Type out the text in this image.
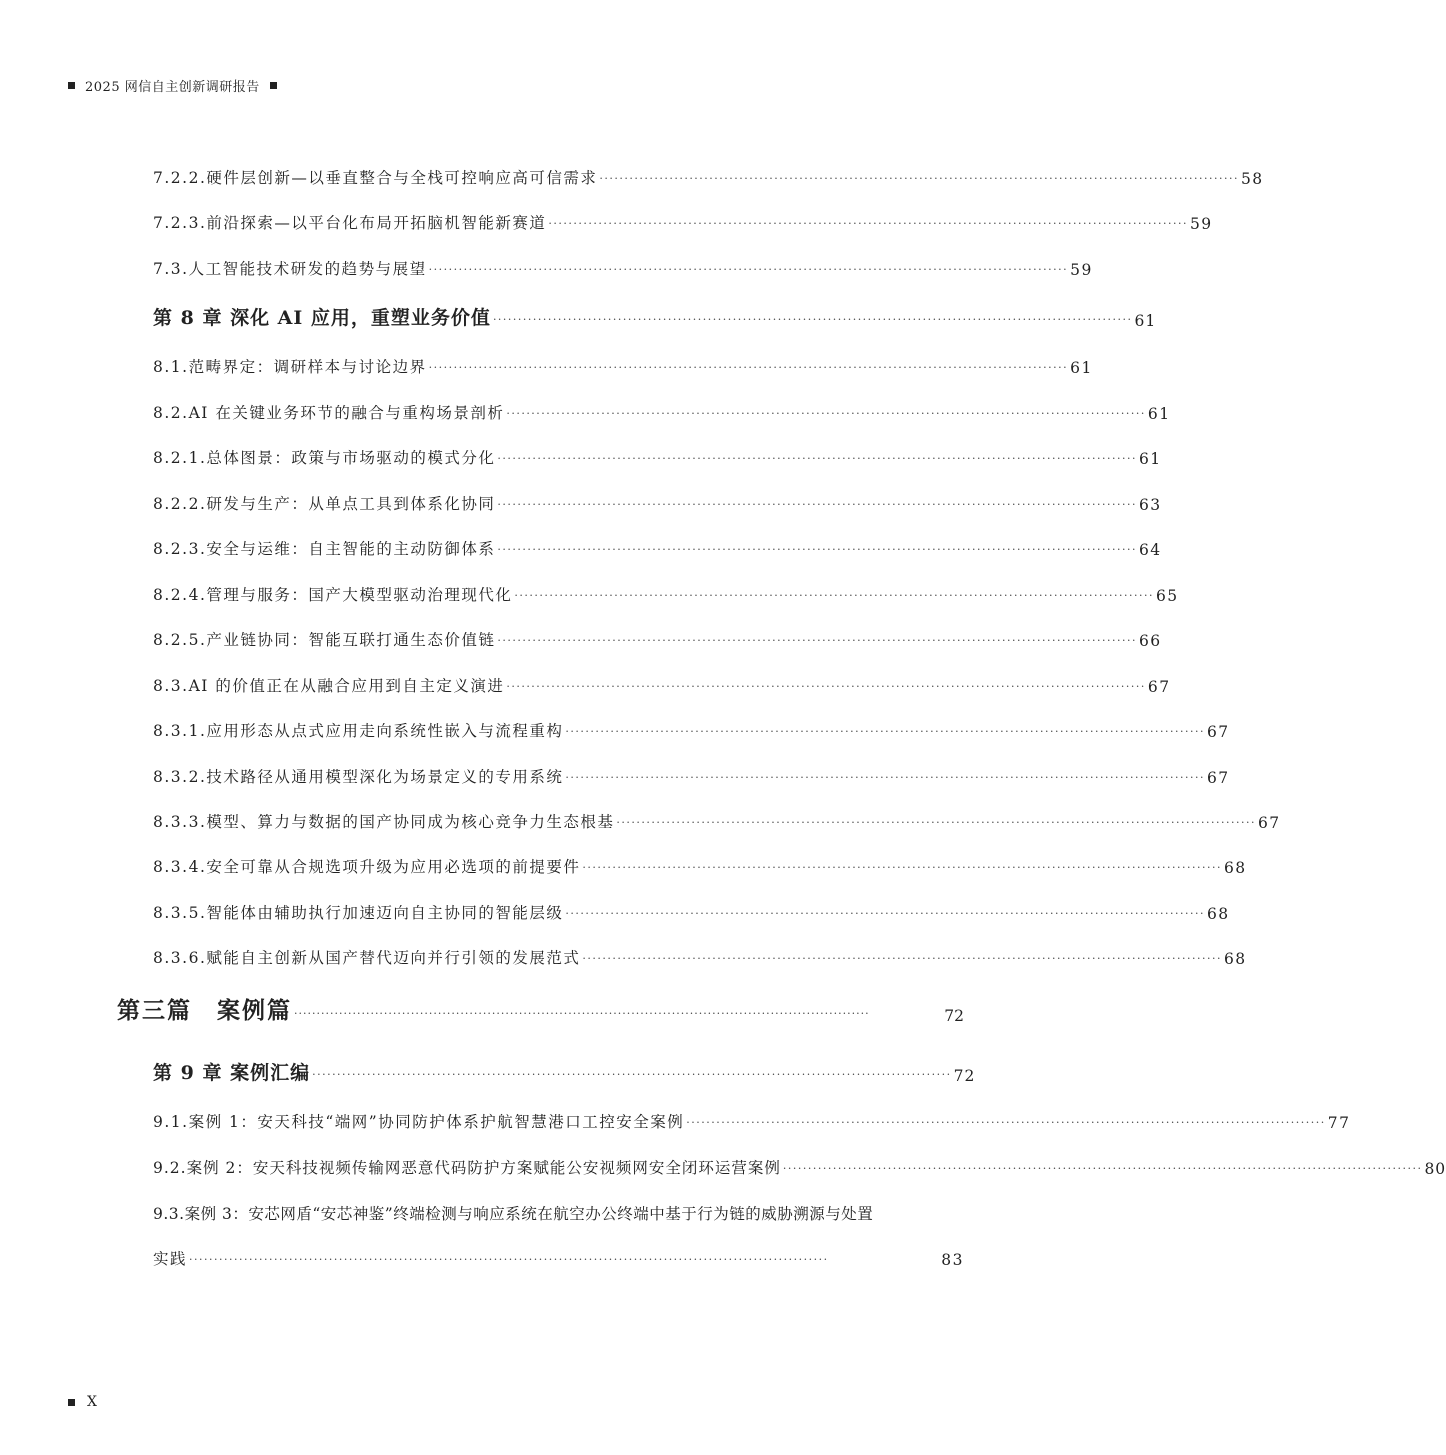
2025 网信自主创新调研报告
7.2.2.硬件层创新—以垂直整合与全栈可控响应高可信需求 ································································································································ 58
7.2.3.前沿探索—以平台化布局开拓脑机智能新赛道 ································································································································ 59
7.3.人工智能技术研发的趋势与展望 ································································································································ 59
第 8 章 深化 AI 应用，重塑业务价值 ································································································································ 61
8.1.范畴界定：调研样本与讨论边界 ································································································································ 61
8.2.AI 在关键业务环节的融合与重构场景剖析 ································································································································ 61
8.2.1.总体图景：政策与市场驱动的模式分化 ································································································································ 61
8.2.2.研发与生产：从单点工具到体系化协同 ································································································································ 63
8.2.3.安全与运维：自主智能的主动防御体系 ································································································································ 64
8.2.4.管理与服务：国产大模型驱动治理现代化 ································································································································ 65
8.2.5.产业链协同：智能互联打通生态价值链 ································································································································ 66
8.3.AI 的价值正在从融合应用到自主定义演进 ································································································································ 67
8.3.1.应用形态从点式应用走向系统性嵌入与流程重构 ································································································································ 67
8.3.2.技术路径从通用模型深化为场景定义的专用系统 ································································································································ 67
8.3.3.模型、算力与数据的国产协同成为核心竞争力生态根基 ································································································································ 67
8.3.4.安全可靠从合规选项升级为应用必选项的前提要件 ································································································································ 68
8.3.5.智能体由辅助执行加速迈向自主协同的智能层级 ································································································································ 68
8.3.6.赋能自主创新从国产替代迈向并行引领的发展范式 ································································································································ 68
第三篇　案例篇 ································································································································	72
第 9 章 案例汇编 ································································································································ 72
9.1.案例 1：安天科技“端网”协同防护体系护航智慧港口工控安全案例 ································································································································ 77
9.2.案例 2：安天科技视频传输网恶意代码防护方案赋能公安视频网安全闭环运营案例 ································································································································ 80
9.3.案例 3：安芯网盾“安芯神鉴”终端检测与响应系统在航空办公终端中基于行为链的威胁溯源与处置
实践 ································································································································	83
X
